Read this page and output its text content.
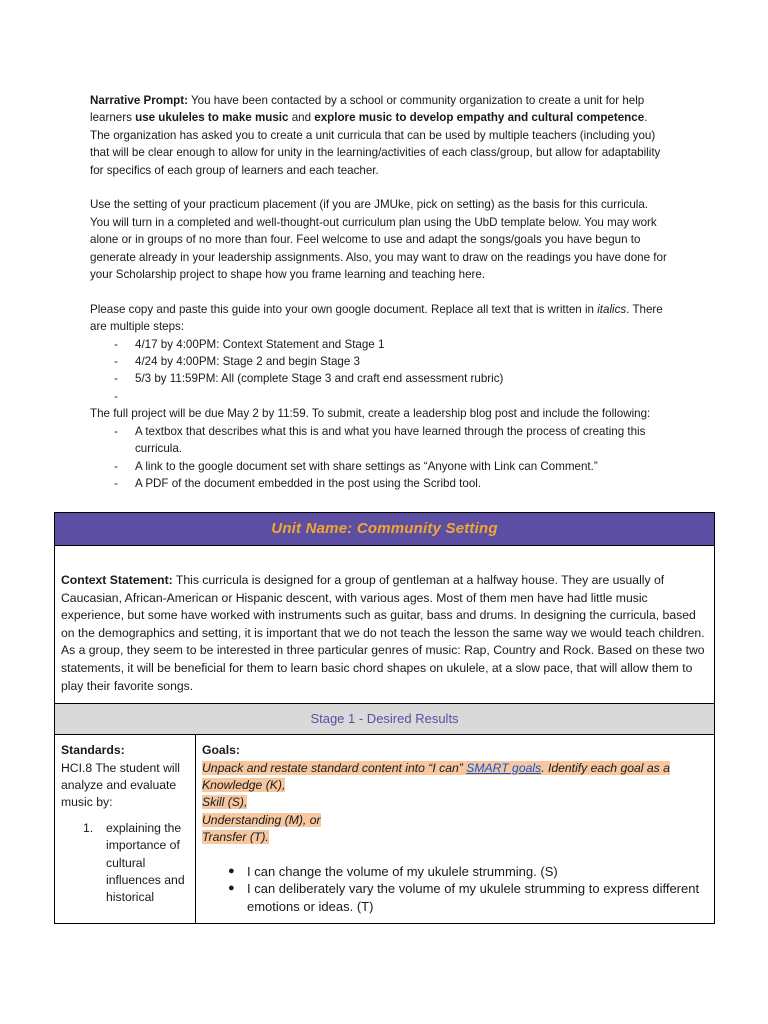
Narrative Prompt: You have been contacted by a school or community organization to create a unit for help learners use ukuleles to make music and explore music to develop empathy and cultural competence. The organization has asked you to create a unit curricula that can be used by multiple teachers (including you) that will be clear enough to allow for unity in the learning/activities of each class/group, but allow for adaptability for specifics of each group of learners and each teacher.

Use the setting of your practicum placement (if you are JMUke, pick on setting) as the basis for this curricula. You will turn in a completed and well-thought-out curriculum plan using the UbD template below. You may work alone or in groups of no more than four. Feel welcome to use and adapt the songs/goals you have begun to generate already in your leadership assignments. Also, you may want to draw on the readings you have done for your Scholarship project to shape how you frame learning and teaching here.

Please copy and paste this guide into your own google document. Replace all text that is written in italics. There are multiple steps:

- 4/17 by 4:00PM: Context Statement and Stage 1
- 4/24 by 4:00PM: Stage 2 and begin Stage 3
- 5/3 by 11:59PM: All (complete Stage 3 and craft end assessment rubric)
-

The full project will be due May 2 by 11:59. To submit, create a leadership blog post and include the following:

- A textbox that describes what this is and what you have learned through the process of creating this curricula.
- A link to the google document set with share settings as “Anyone with Link can Comment.”
- A PDF of the document embedded in the post using the Scribd tool.
Unit Name: Community Setting
Context Statement: This curricula is designed for a group of gentleman at a halfway house. They are usually of Caucasian, African-American or Hispanic descent, with various ages. Most of them men have had little music experience, but some have worked with instruments such as guitar, bass and drums. In designing the curricula, based on the demographics and setting, it is important that we do not teach the lesson the same way we would teach children. As a group, they seem to be interested in three particular genres of music: Rap, Country and Rock. Based on these two statements, it will be beneficial for them to learn basic chord shapes on ukulele, at a slow pace, that will allow them to play their favorite songs.
Stage 1 - Desired Results

Standards:
HCI.8 The student will analyze and evaluate music by:
1. explaining the importance of cultural influences and historical

Goals:
Unpack and restate standard content into “I can” SMART goals. Identify each goal as a Knowledge (K),
Skill (S),
Understanding (M), or
Transfer (T).
● I can change the volume of my ukulele strumming. (S)
● I can deliberately vary the volume of my ukulele strumming to express different emotions or ideas. (T)
